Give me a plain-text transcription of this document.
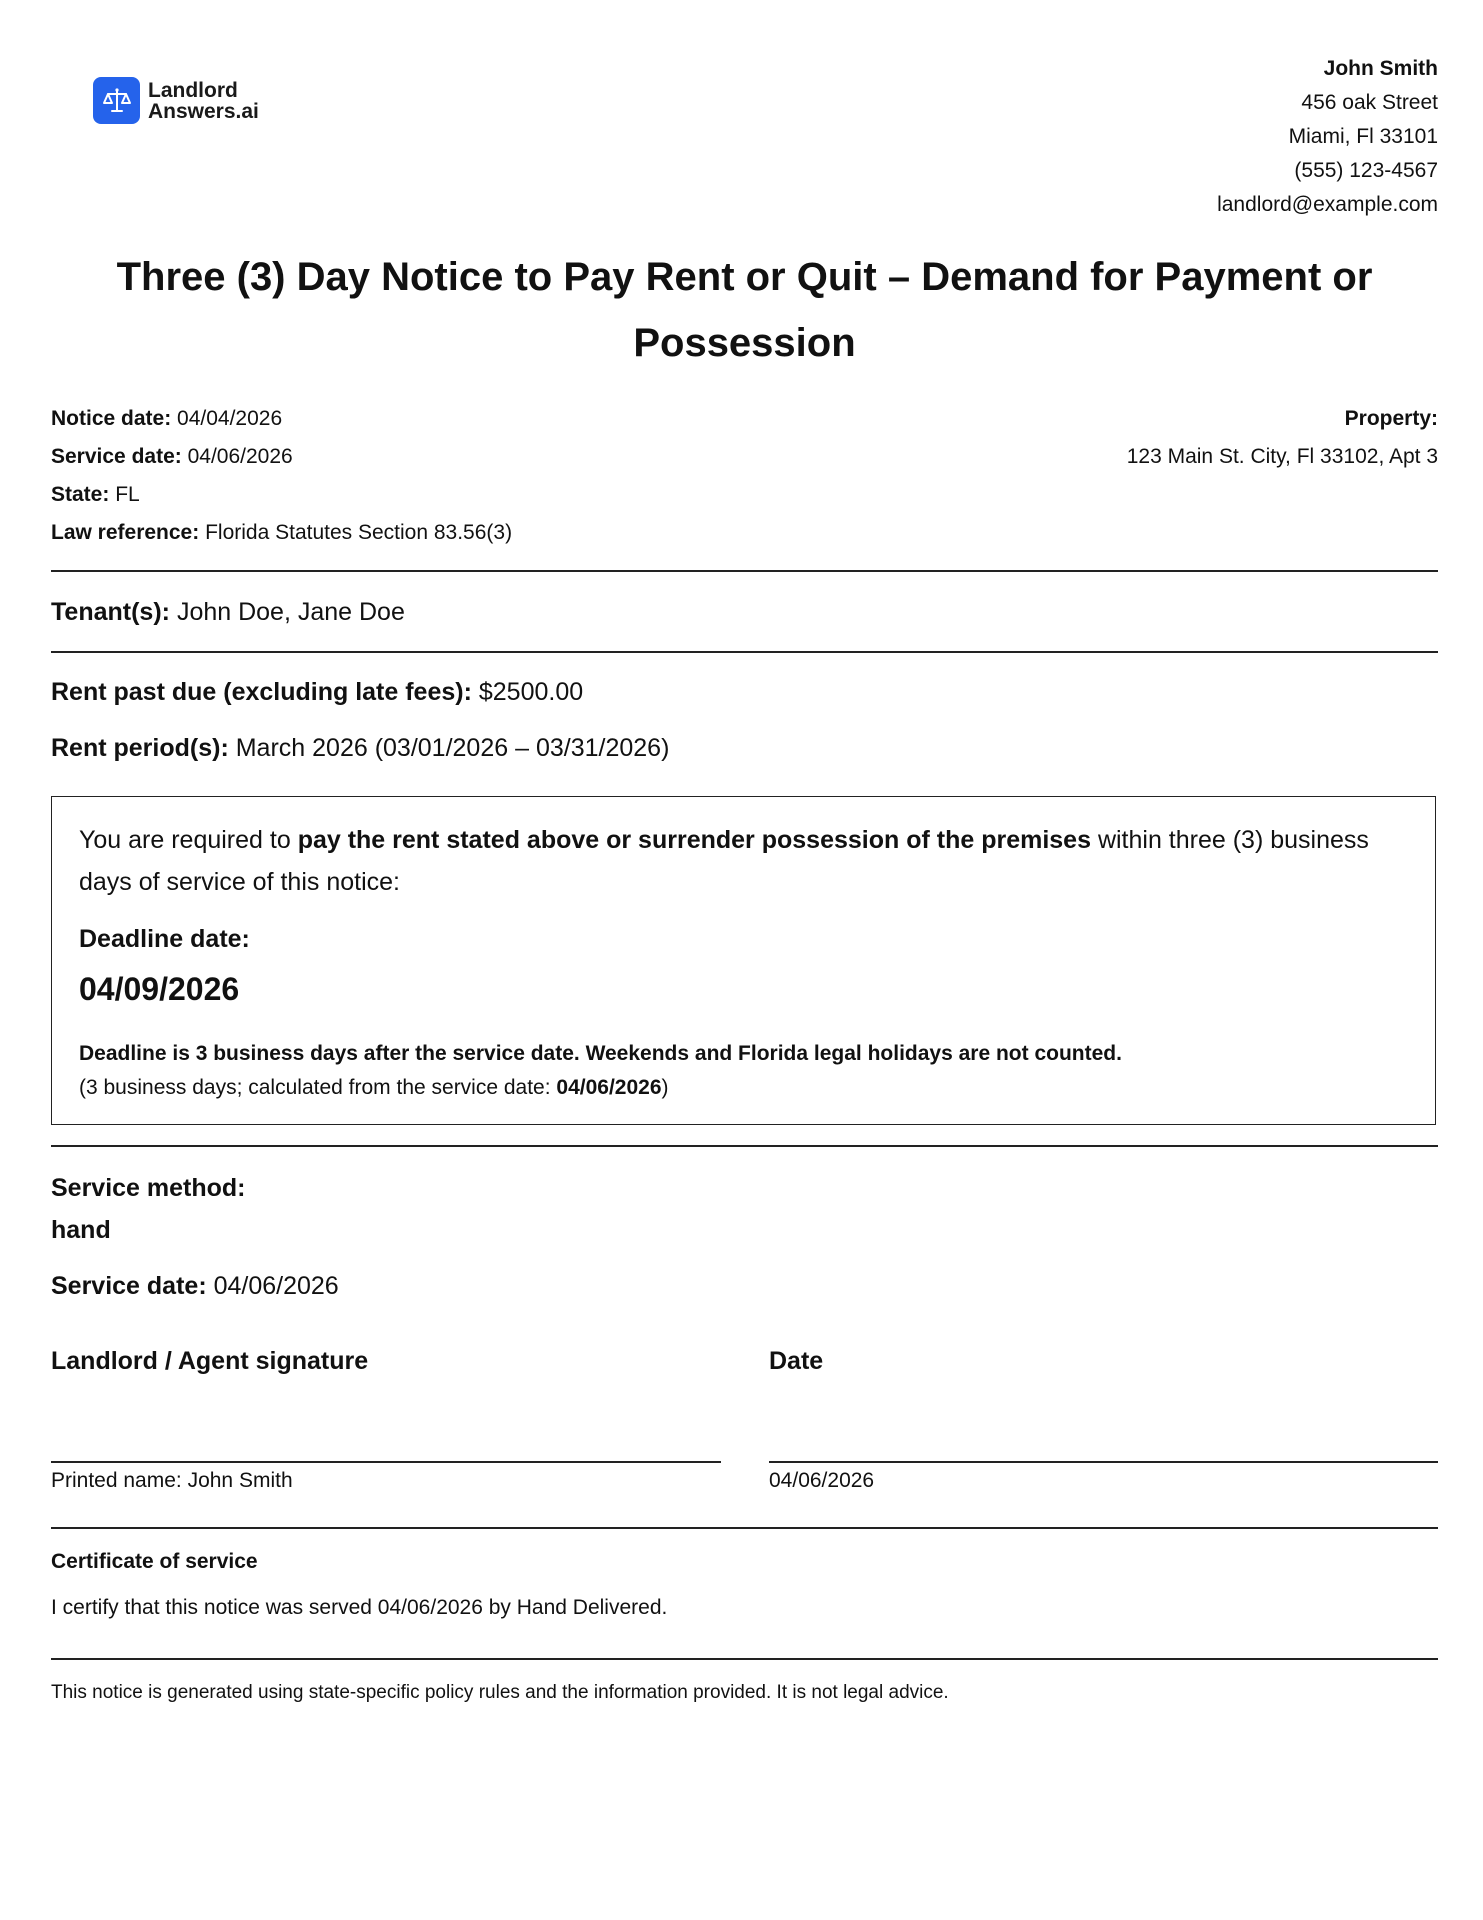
Landlord
Answers.ai
John Smith
456 oak Street
Miami, Fl 33101
(555) 123-4567
landlord@example.com
Three (3) Day Notice to Pay Rent or Quit – Demand for Payment or Possession
Notice date: 04/04/2026
Service date: 04/06/2026
State: FL
Law reference: Florida Statutes Section 83.56(3)
Property:
123 Main St. City, Fl 33102, Apt 3
Tenant(s): John Doe, Jane Doe
Rent past due (excluding late fees): $2500.00
Rent period(s): March 2026 (03/01/2026 – 03/31/2026)
You are required to pay the rent stated above or surrender possession of the premises within three (3) business days of service of this notice:
Deadline date:
04/09/2026
Deadline is 3 business days after the service date. Weekends and Florida legal holidays are not counted.
(3 business days; calculated from the service date: 04/06/2026)
Service method:
hand
Service date: 04/06/2026
Landlord / Agent signature	Date
Printed name: John Smith	04/06/2026
Certificate of service
I certify that this notice was served 04/06/2026 by Hand Delivered.
This notice is generated using state-specific policy rules and the information provided. It is not legal advice.
